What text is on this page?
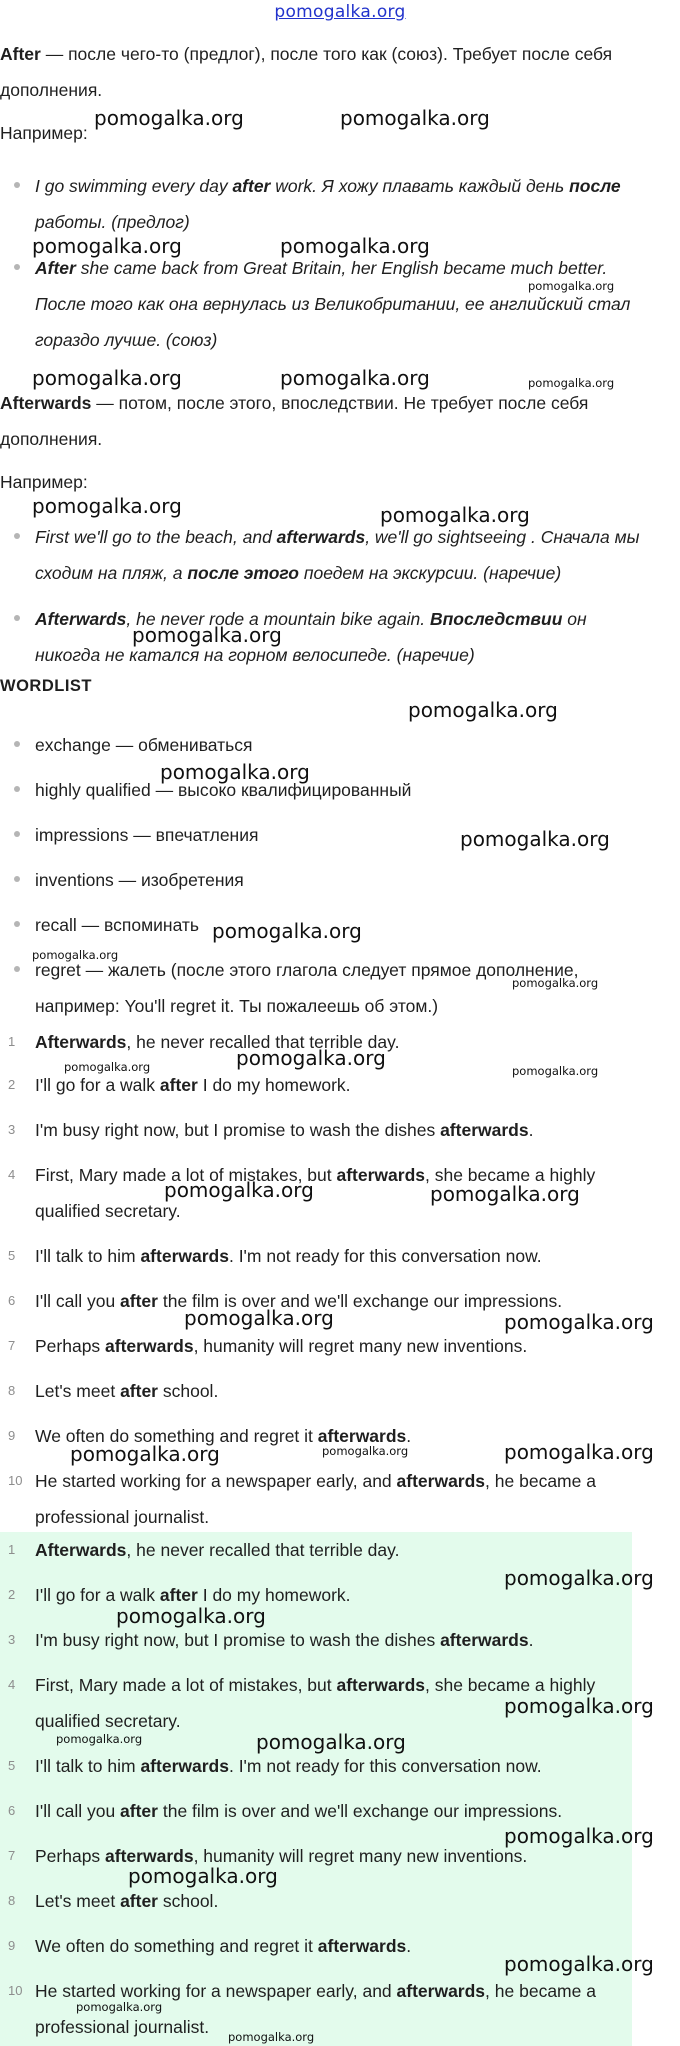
pomogalka.org
After — после чего-то (предлог), после того как (союз). Требует после себя дополнения.
Например:
I go swimming every day after work. Я хожу плавать каждый день после работы. (предлог)
After she came back from Great Britain, her English became much better. После того как она вернулась из Великобритании, ее английский стал гораздо лучше. (союз)
Afterwards — потом, после этого, впоследствии. Не требует после себя дополнения.
Например:
First we'll go to the beach, and afterwards, we'll go sightseeing . Сначала мы сходим на пляж, а после этого поедем на экскурсии. (наречие)
Afterwards, he never rode a mountain bike again. Впоследствии он никогда не катался на горном велосипеде. (наречие)
WORDLIST
exchange — обмениваться
highly qualified — высоко квалифицированный
impressions — впечатления
inventions — изобретения
recall — вспоминать
regret — жалеть (после этого глагола следует прямое дополнение, например: You'll regret it. Ты пожалеешь об этом.)
1	Afterwards, he never recalled that terrible day.
2	I'll go for a walk after I do my homework.
3	I'm busy right now, but I promise to wash the dishes afterwards.
4	First, Mary made a lot of mistakes, but afterwards, she became a highly qualified secretary.
5	I'll talk to him afterwards. I'm not ready for this conversation now.
6	I'll call you after the film is over and we'll exchange our impressions.
7	Perhaps afterwards, humanity will regret many new inventions.
8	Let's meet after school.
9	We often do something and regret it afterwards.
10 He started working for a newspaper early, and afterwards, he became a professional journalist.
1	Afterwards, he never recalled that terrible day.
2	I'll go for a walk after I do my homework.
3	I'm busy right now, but I promise to wash the dishes afterwards.
4	First, Mary made a lot of mistakes, but afterwards, she became a highly qualified secretary.
5	I'll talk to him afterwards. I'm not ready for this conversation now.
6	I'll call you after the film is over and we'll exchange our impressions.
7	Perhaps afterwards, humanity will regret many new inventions.
8	Let's meet after school.
9	We often do something and regret it afterwards.
10 He started working for a newspaper early, and afterwards, he became a professional journalist.
pomogalka.org	pomogalka.org
pomogalka.org	pomogalka.org
pomogalka.org
pomogalka.org	pomogalka.org	pomogalka.org
pomogalka.org	pomogalka.org
pomogalka.org
pomogalka.org
pomogalka.org
pomogalka.org
pomogalka.org
pomogalka.org
pomogalka.org
pomogalka.org
pomogalka.org	pomogalka.org
pomogalka.org	pomogalka.org
pomogalka.org	pomogalka.org
pomogalka.org	pomogalka.org	pomogalka.org
pomogalka.org
pomogalka.org
pomogalka.org
pomogalka.org	pomogalka.org
pomogalka.org
pomogalka.org
pomogalka.org
pomogalka.org
pomogalka.org
